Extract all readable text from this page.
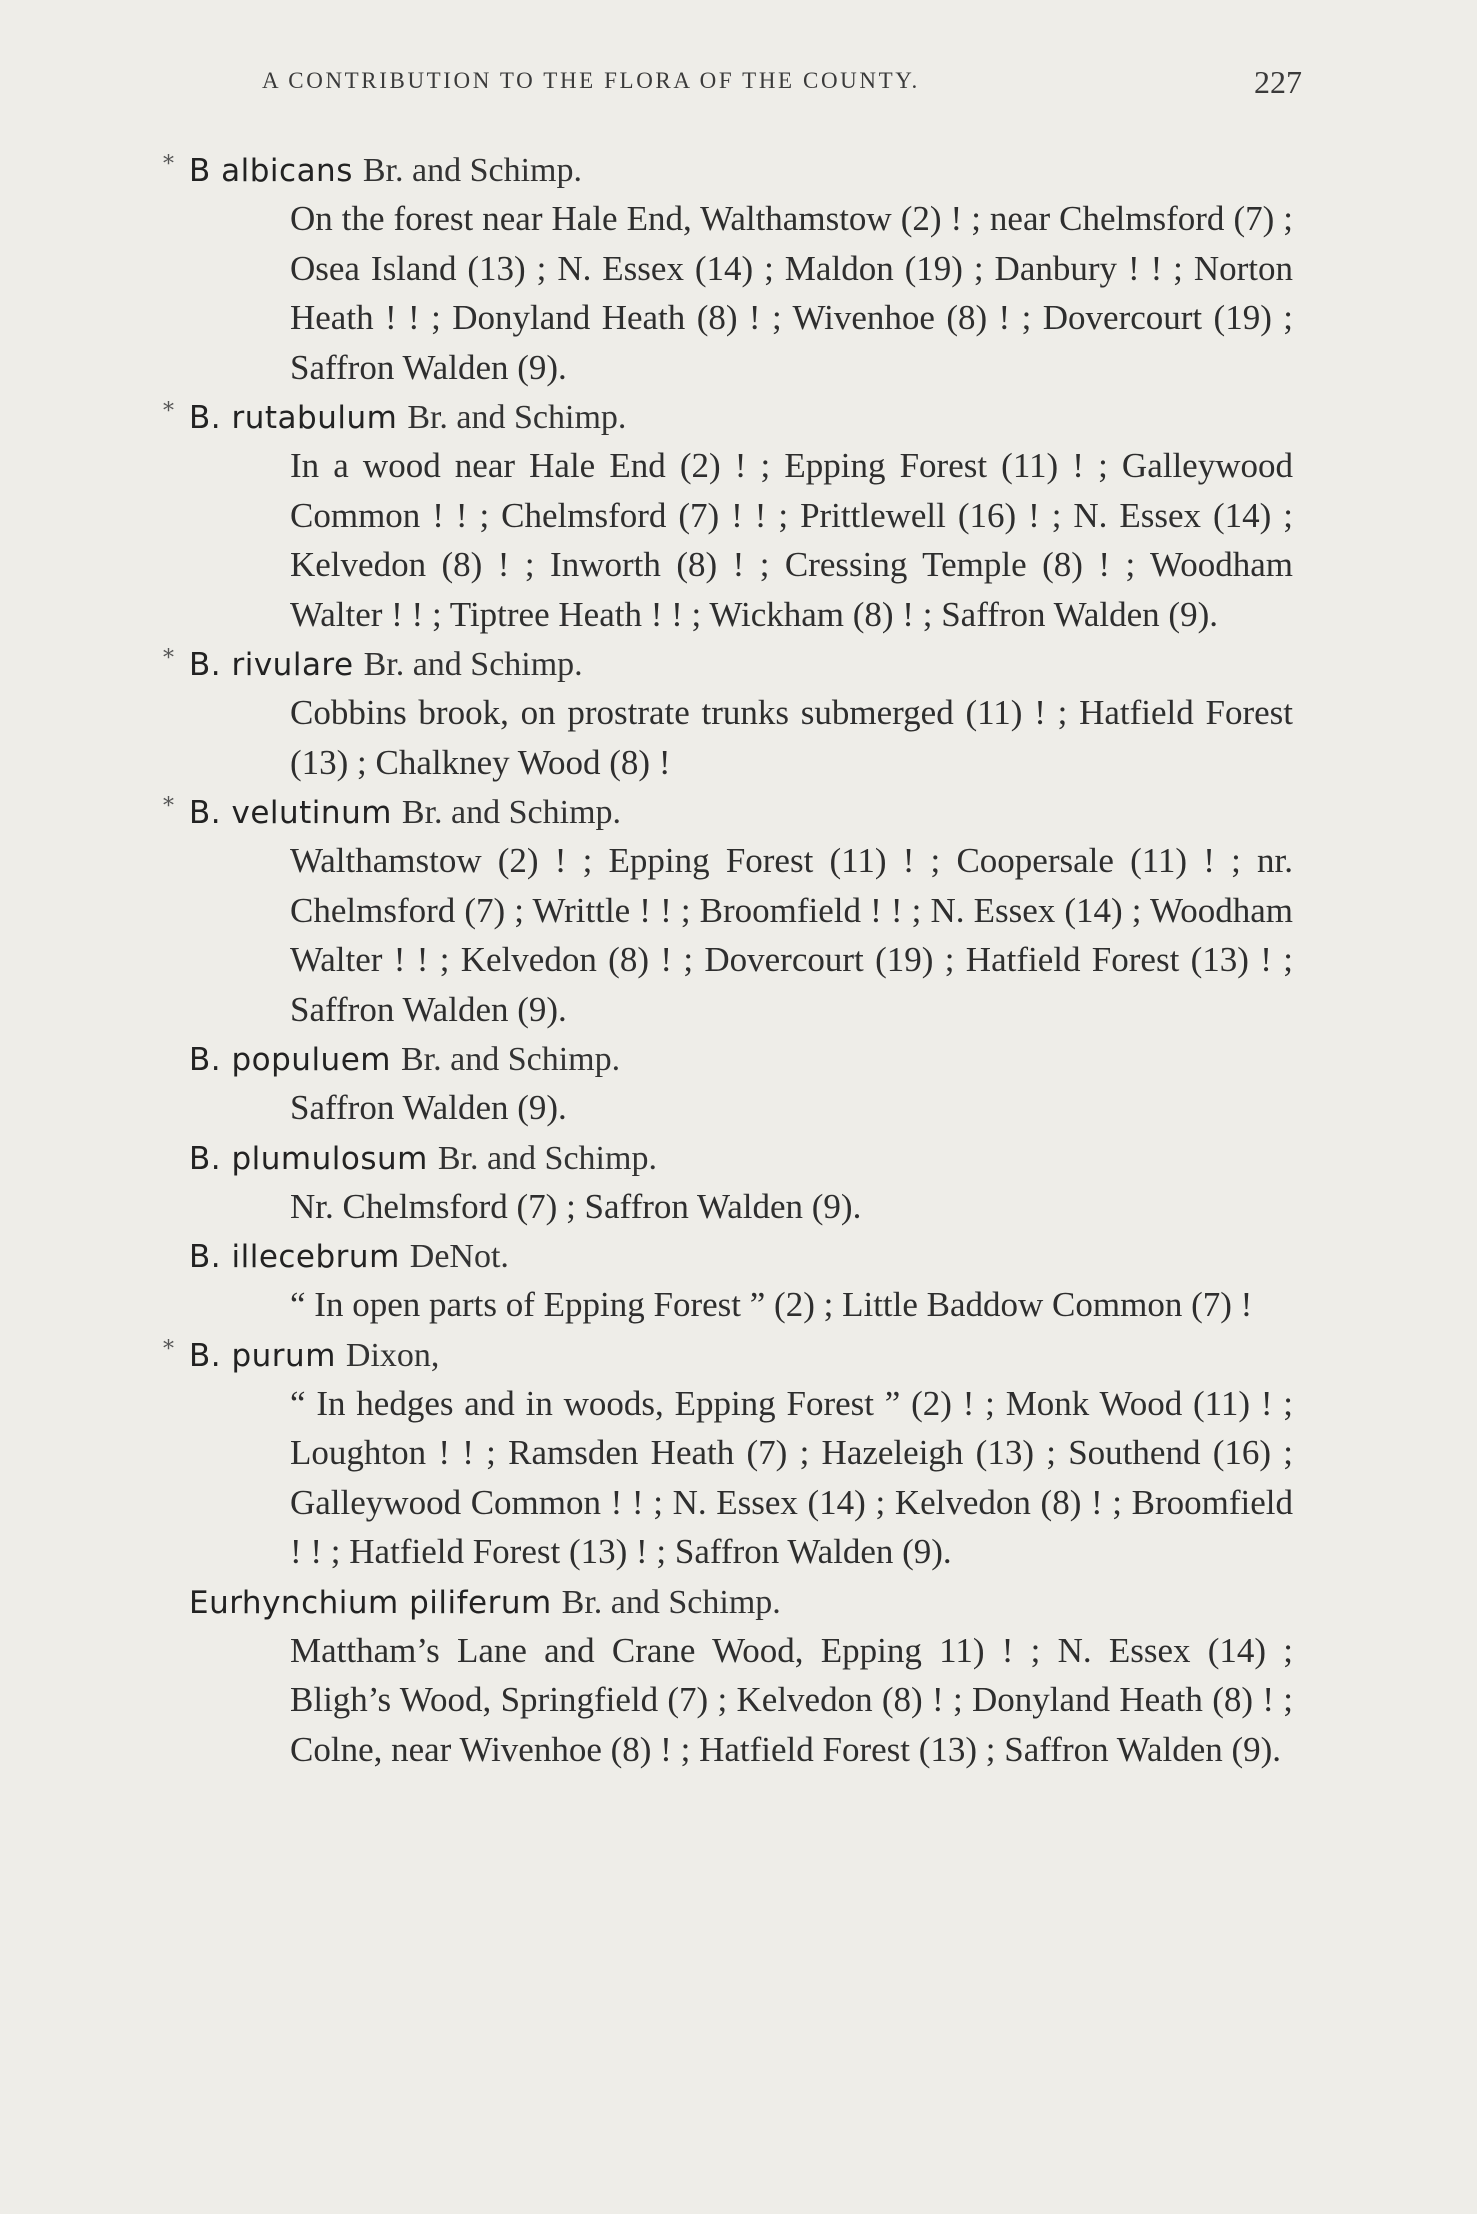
A CONTRIBUTION TO THE FLORA OF THE COUNTY.	227
* B albicans Br. and Schimp.
On the forest near Hale End, Walthamstow (2) ! ; near Chelmsford (7) ; Osea Island (13) ; N. Essex (14) ; Maldon (19) ; Danbury ! ! ; Norton Heath ! ! ; Donyland Heath (8) ! ; Wivenhoe (8) ! ; Dovercourt (19) ; Saffron Walden (9).
* B. rutabulum Br. and Schimp.
In a wood near Hale End (2) ! ; Epping Forest (11) ! ; Galleywood Common ! ! ; Chelmsford (7) ! ! ; Prittlewell (16) ! ; N. Essex (14) ; Kelvedon (8) ! ; Inworth (8) ! ; Cressing Temple (8) ! ; Woodham Walter ! ! ; Tiptree Heath ! ! ; Wickham (8) ! ; Saffron Walden (9).
* B. rivulare Br. and Schimp.
Cobbins brook, on prostrate trunks submerged (11) ! ; Hatfield Forest (13) ; Chalkney Wood (8) !
* B. velutinum Br. and Schimp.
Walthamstow (2) ! ; Epping Forest (11) ! ; Coopersale (11) ! ; nr. Chelmsford (7) ; Writtle ! ! ; Broomfield ! ! ; N. Essex (14) ; Woodham Walter ! ! ; Kelvedon (8) ! ; Dovercourt (19) ; Hatfield Forest (13) ! ; Saffron Walden (9).
B. populuem Br. and Schimp.
Saffron Walden (9).
B. plumulosum Br. and Schimp.
Nr. Chelmsford (7) ; Saffron Walden (9).
B. illecebrum DeNot.
“ In open parts of Epping Forest ” (2) ; Little Baddow Common (7) !
* B. purum Dixon,
“ In hedges and in woods, Epping Forest ” (2) ! ; Monk Wood (11) ! ; Loughton ! ! ; Ramsden Heath (7) ; Hazeleigh (13) ; Southend (16) ; Galleywood Common ! ! ; N. Essex (14) ; Kelvedon (8) ! ; Broomfield ! ! ; Hatfield Forest (13) ! ; Saffron Walden (9).
Eurhynchium piliferum Br. and Schimp.
Mattham’s Lane and Crane Wood, Epping 11) ! ; N. Essex (14) ; Bligh’s Wood, Springfield (7) ; Kelvedon (8) ! ; Donyland Heath (8) ! ; Colne, near Wivenhoe (8) ! ; Hatfield Forest (13) ; Saffron Walden (9).
